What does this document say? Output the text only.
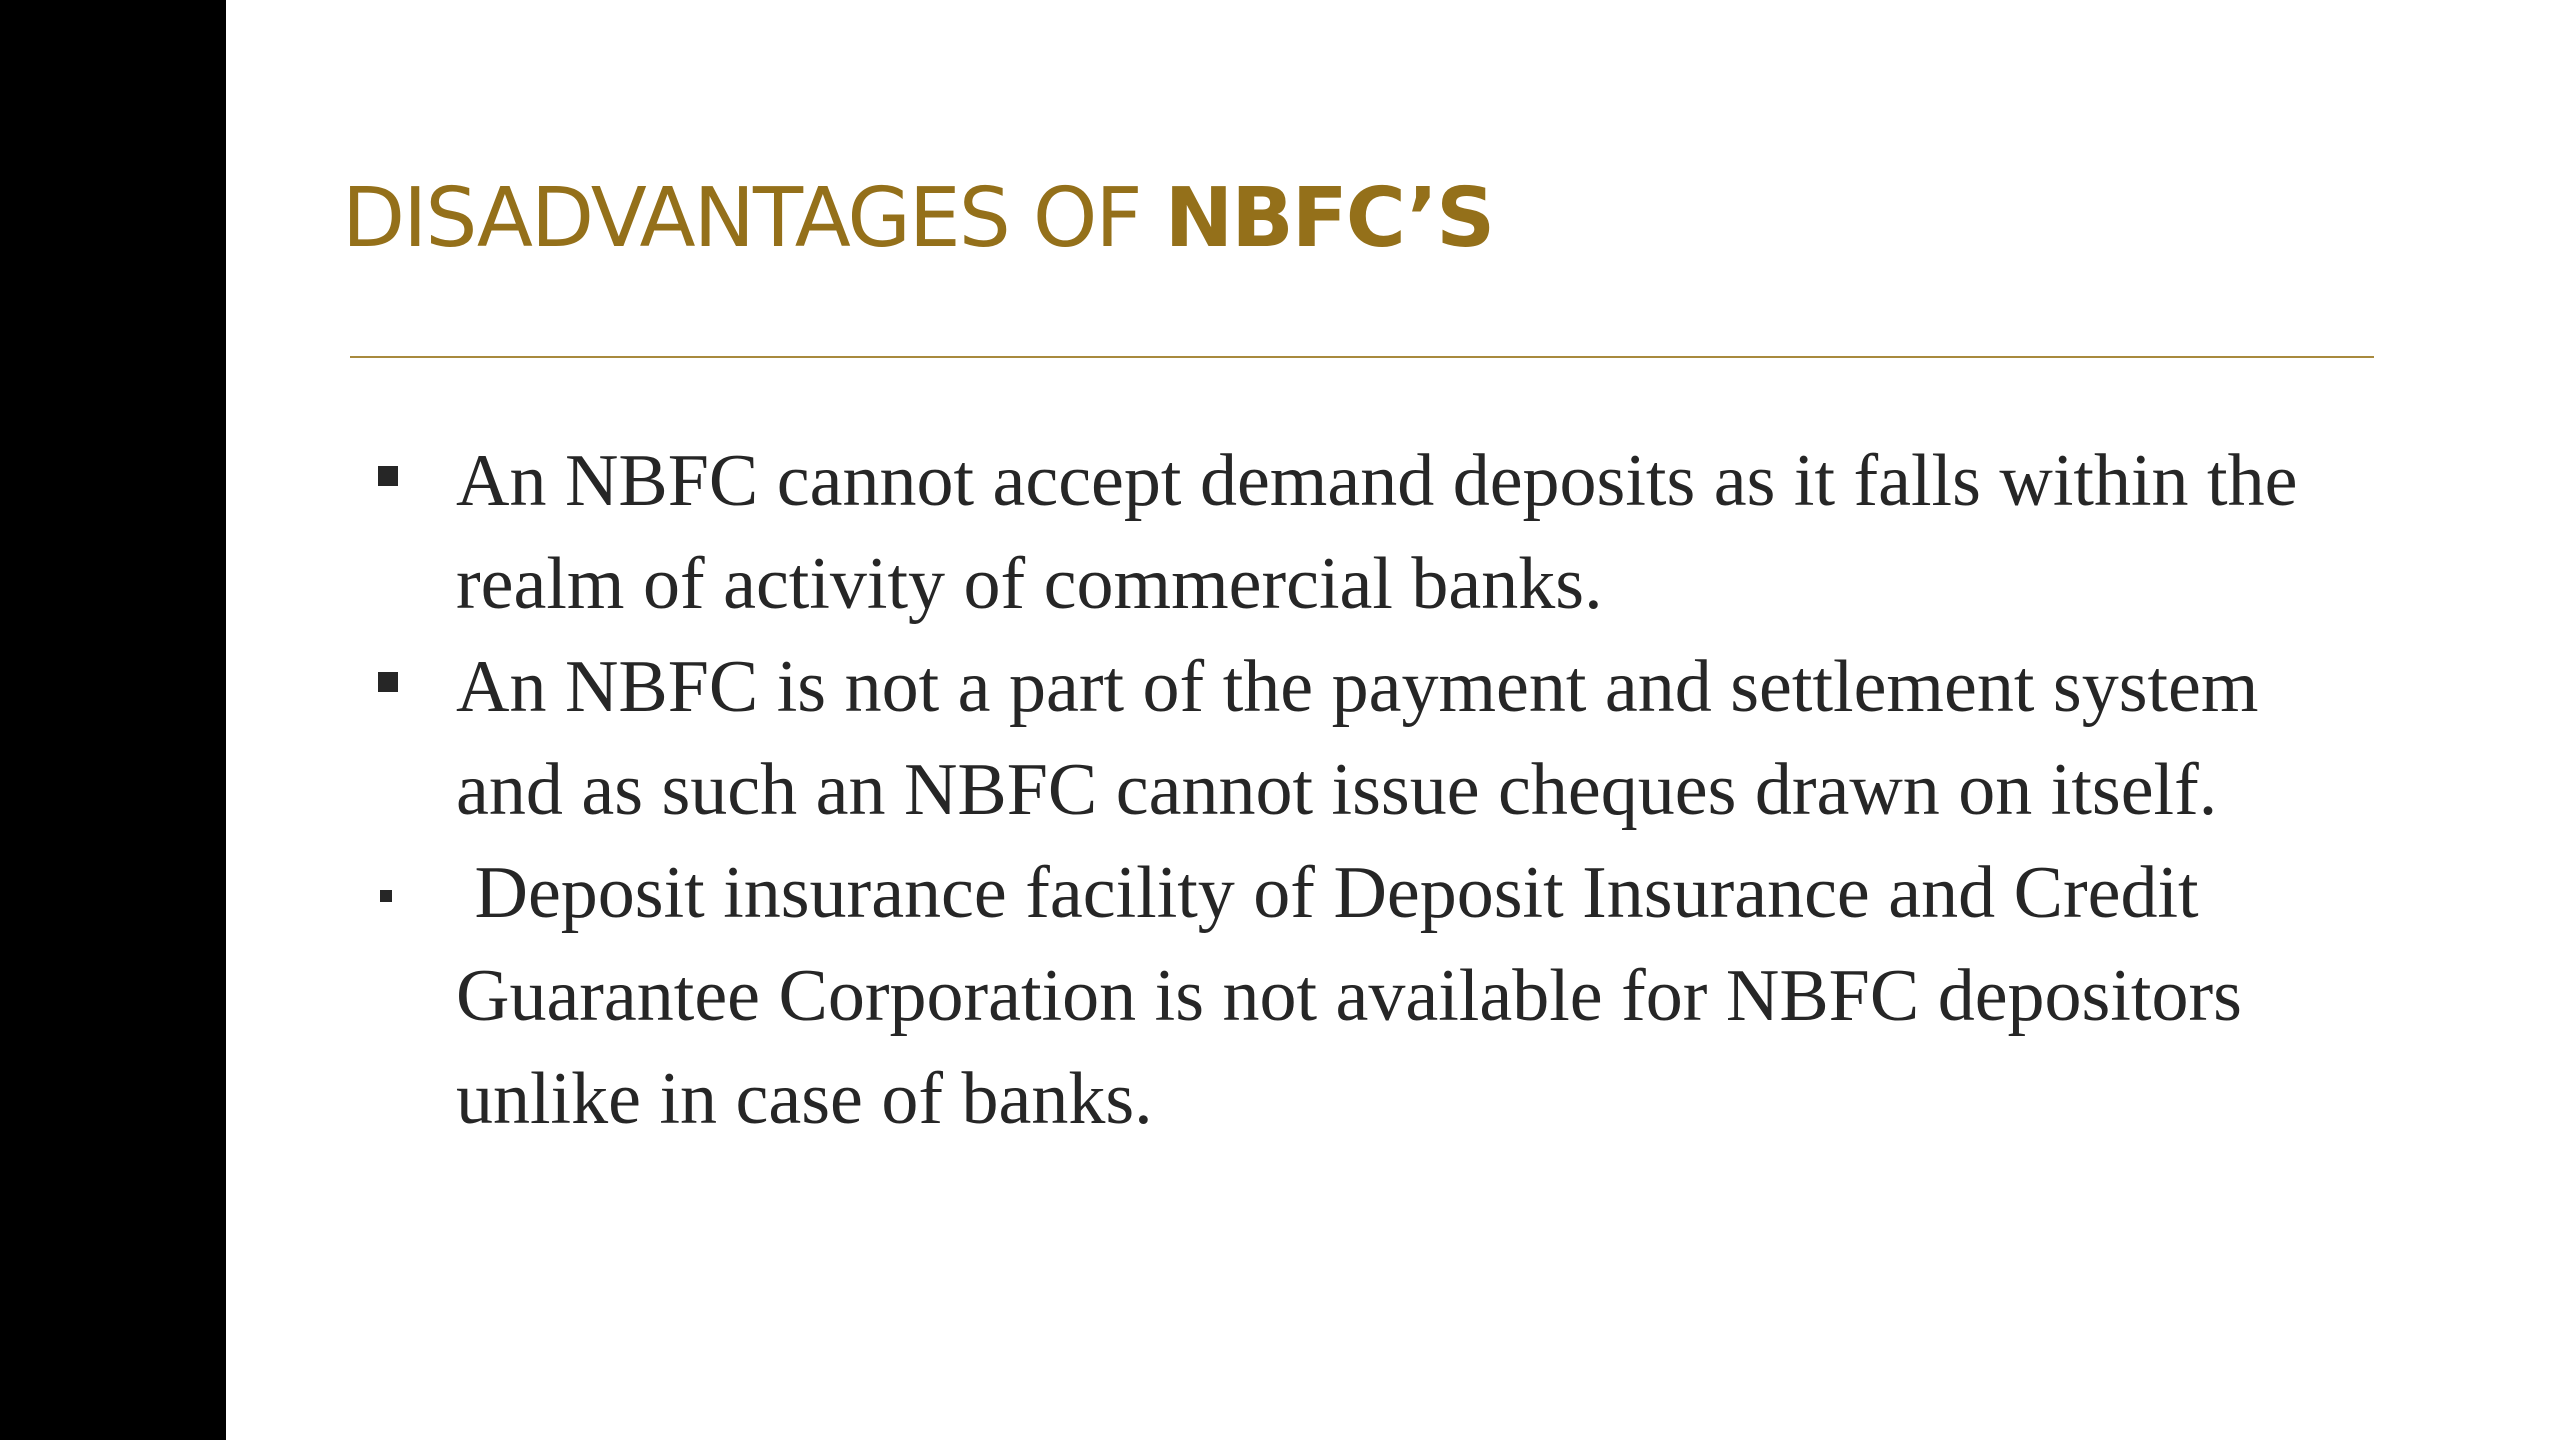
DISADVANTAGES OF NBFC’S
An NBFC cannot accept demand deposits as it falls within the realm of activity of commercial banks.
An NBFC is not a part of the payment and settlement system and as such an NBFC cannot issue cheques drawn on itself.
Deposit insurance facility of Deposit Insurance and Credit Guarantee Corporation is not available for NBFC depositors unlike in case of banks.
